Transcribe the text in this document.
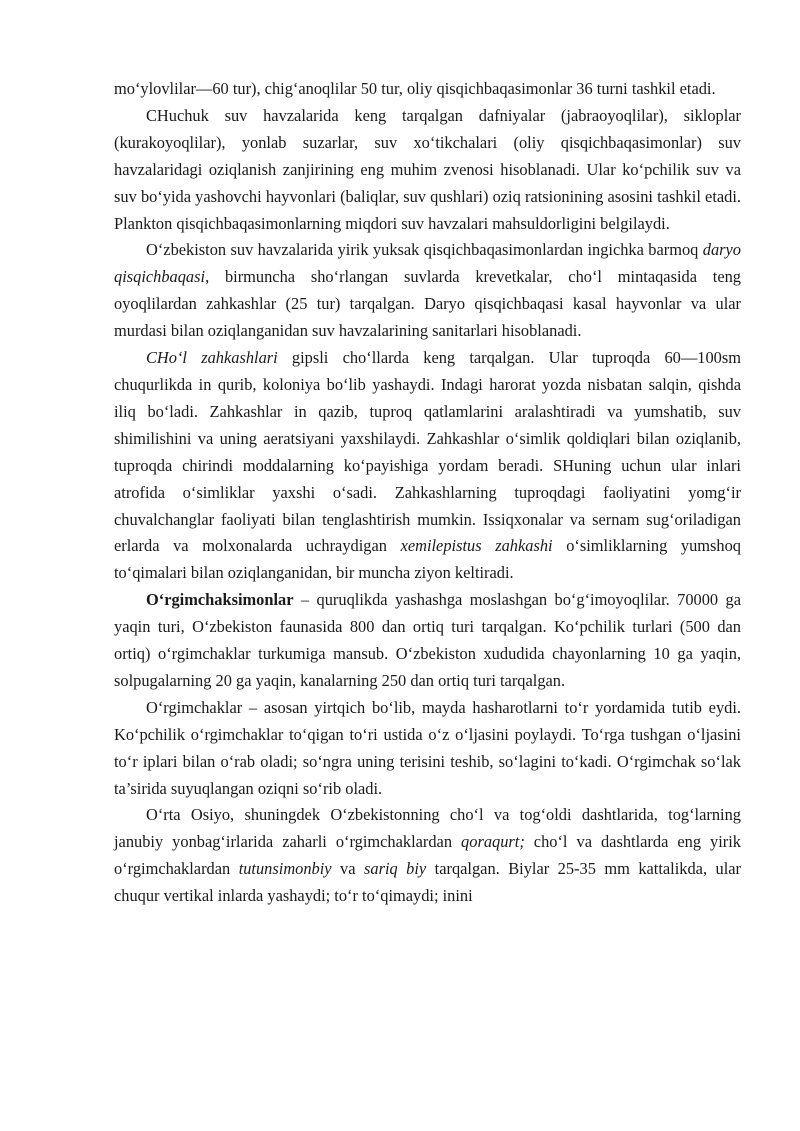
mo‘ylovlilar—60 tur), chig‘anoqlilar 50 tur, oliy qisqichbaqasimonlar 36 turni tashkil etadi.

CHuchuk suv havzalarida keng tarqalgan dafniyalar (jabraoyoqlilar), sikloplar (kurakoyoqlilar), yonlab suzarlar, suv xo‘tikchalari (oliy qisqichbaqasimonlar) suv havzalaridagi oziqlanish zanjirining eng muhim zvenosi hisoblanadi. Ular ko‘pchilik suv va suv bo‘yida yashovchi hayvonlari (baliqlar, suv qushlari) oziq ratsionining asosini tashkil etadi. Plankton qisqichbaqasimonlarning miqdori suv havzalari mahsuldorligini belgilaydi.

O‘zbekiston suv havzalarida yirik yuksak qisqichbaqasimonlardan ingichka barmoq daryo qisqichbaqasi, birmuncha sho‘rlangan suvlarda krevetkalar, cho‘l mintaqasida teng oyoqlilardan zahkashlar (25 tur) tarqalgan. Daryo qisqichbaqasi kasal hayvonlar va ular murdasi bilan oziqlanganidan suv havzalarining sanitarlari hisoblanadi.

CHo‘l zahkashlari gipsli cho‘llarda keng tarqalgan. Ular tuproqda 60—100sm chuqurlikda in qurib, koloniya bo‘lib yashaydi. Indagi harorat yozda nisbatan salqin, qishda iliq bo‘ladi. Zahkashlar in qazib, tuproq qatlamlarini aralashtiradi va yumshatib, suv shimilishini va uning aeratsiyani yaxshilaydi. Zahkashlar o‘simlik qoldiqlari bilan oziqlanib, tuproqda chirindi moddalarning ko‘payishiga yordam beradi. SHuning uchun ular inlari atrofida o‘simliklar yaxshi o‘sadi. Zahkashlarning tuproqdagi faoliyatini yomg‘ir chuvalchanglar faoliyati bilan tenglashtirish mumkin. Issiqxonalar va sernam sug‘oriladigan erlarda va molxonalarda uchraydigan xemilepistus zahkashi o‘simliklarning yumshoq to‘qimalari bilan oziqlanganidan, bir muncha ziyon keltiradi.

O‘rgimchaksimonlar – quruqlikda yashashga moslashgan bo‘g‘imoyoqlilar. 70000 ga yaqin turi, O‘zbekiston faunasida 800 dan ortiq turi tarqalgan. Ko‘pchilik turlari (500 dan ortiq) o‘rgimchaklar turkumiga mansub. O‘zbekiston xududida chayonlarning 10 ga yaqin, solpugalarning 20 ga yaqin, kanalarning 250 dan ortiq turi tarqalgan.

O‘rgimchaklar – asosan yirtqich bo‘lib, mayda hasharotlarni to‘r yordamida tutib eydi. Ko‘pchilik o‘rgimchaklar to‘qigan to‘ri ustida o‘z o‘ljasini poylaydi. To‘rga tushgan o‘ljasini to‘r iplari bilan o‘rab oladi; so‘ngra uning terisini teshib, so‘lagini to‘kadi. O‘rgimchak so‘lak ta’sirida suyuqlangan oziqni so‘rib oladi.

O‘rta Osiyo, shuningdek O‘zbekistonning cho‘l va tog‘oldi dashtlarida, tog‘larning janubiy yonbag‘irlarida zaharli o‘rgimchaklardan qoraqurt; cho‘l va dashtlarda eng yirik o‘rgimchaklardan tutunsimonbiy va sariq biy tarqalgan. Biylar 25-35 mm kattalikda, ular chuqur vertikal inlarda yashaydi; to‘r to‘qimaydi; inini
